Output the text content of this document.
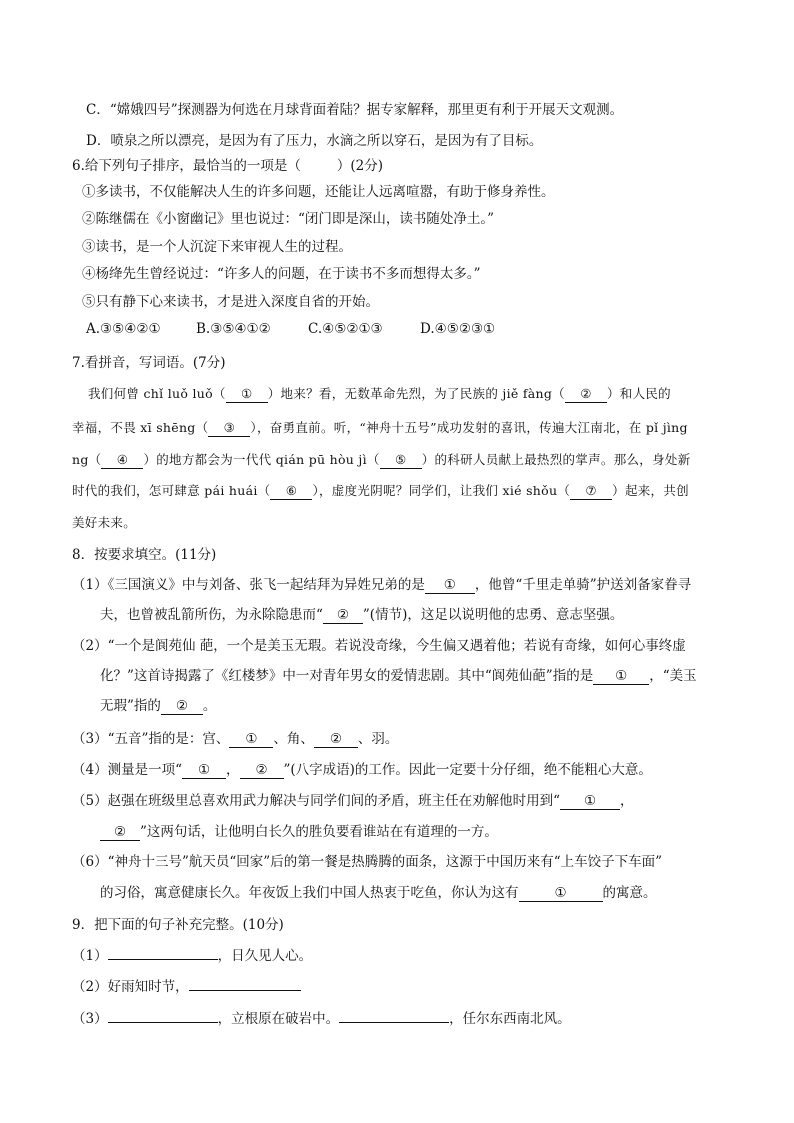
C．“嫦娥四号”探测器为何选在月球背面着陆？据专家解释，那里更有利于开展天文观测。
D．喷泉之所以漂亮，是因为有了压力，水滴之所以穿石，是因为有了目标。
6.给下列句子排序，最恰当的一项是（	）(2分)
①多读书，不仅能解决人生的许多问题，还能让人远离喧嚣，有助于修身养性。
②陈继儒在《小窗幽记》里也说过：“闭门即是深山，读书随处净土。”
③读书，是一个人沉淀下来审视人生的过程。
④杨绛先生曾经说过：“许多人的问题，在于读书不多而想得太多。”
⑤只有静下心来读书，才是进入深度自省的开始。
A.③⑤④②①	B.③⑤④①②	C.④⑤②①③	D.④⑤②③①
7.看拼音，写词语。(7分)
我们何曾 chǐ luǒ luǒ（ ① ）地来？看，无数革命先烈，为了民族的 jiě fàng（ ② ）和人民的
幸福，不畏 xī shēng（ ③ ），奋勇直前。听，“神舟十五号”成功发射的喜讯，传遍大江南北，在 pǐ jìng
ng（ ④ ）的地方都会为一代代 qián pū hòu jì（ ⑤ ）的科研人员献上最热烈的掌声。那么，身处新
时代的我们，怎可肆意 pái huái（ ⑥ ），虚度光阴呢？同学们，让我们 xié shǒu（ ⑦ ）起来，共创
美好未来。
8．按要求填空。(11分)
（1）《三国演义》中与刘备、张飞一起结拜为异姓兄弟的是 ① ，他曾“千里走单骑”护送刘备家眷寻
夫，也曾被乱箭所伤，为永除隐患而“ ② ”(情节)，这足以说明他的忠勇、意志坚强。
（2）“一个是阆苑仙 葩，一个是美玉无瑕。若说没奇缘，今生偏又遇着他；若说有奇缘，如何心事终虚
化？”这首诗揭露了《红楼梦》中一对青年男女的爱情悲剧。其中“阆苑仙葩”指的是 ① ，“美玉
无瑕”指的 ② 。
（3）“五音”指的是：宫、 ① 、角、 ② 、羽。
（4）测量是一项“ ① ， ② ”(八字成语)的工作。因此一定要十分仔细，绝不能粗心大意。
（5）赵强在班级里总喜欢用武力解决与同学们间的矛盾，班主任在劝解他时用到“ ① ，
② ”这两句话，让他明白长久的胜负要看谁站在有道理的一方。
（6）“神舟十三号”航天员“回家”后的第一餐是热腾腾的面条，这源于中国历来有“上车饺子下车面”
的习俗，寓意健康长久。年夜饭上我们中国人热衷于吃鱼，你认为这有	①	的寓意。
9．把下面的句子补充完整。(10分)
（1）	，日久见人心。
（2）好雨知时节，
（3）	，立根原在破岩中。	，任尔东西南北风。
